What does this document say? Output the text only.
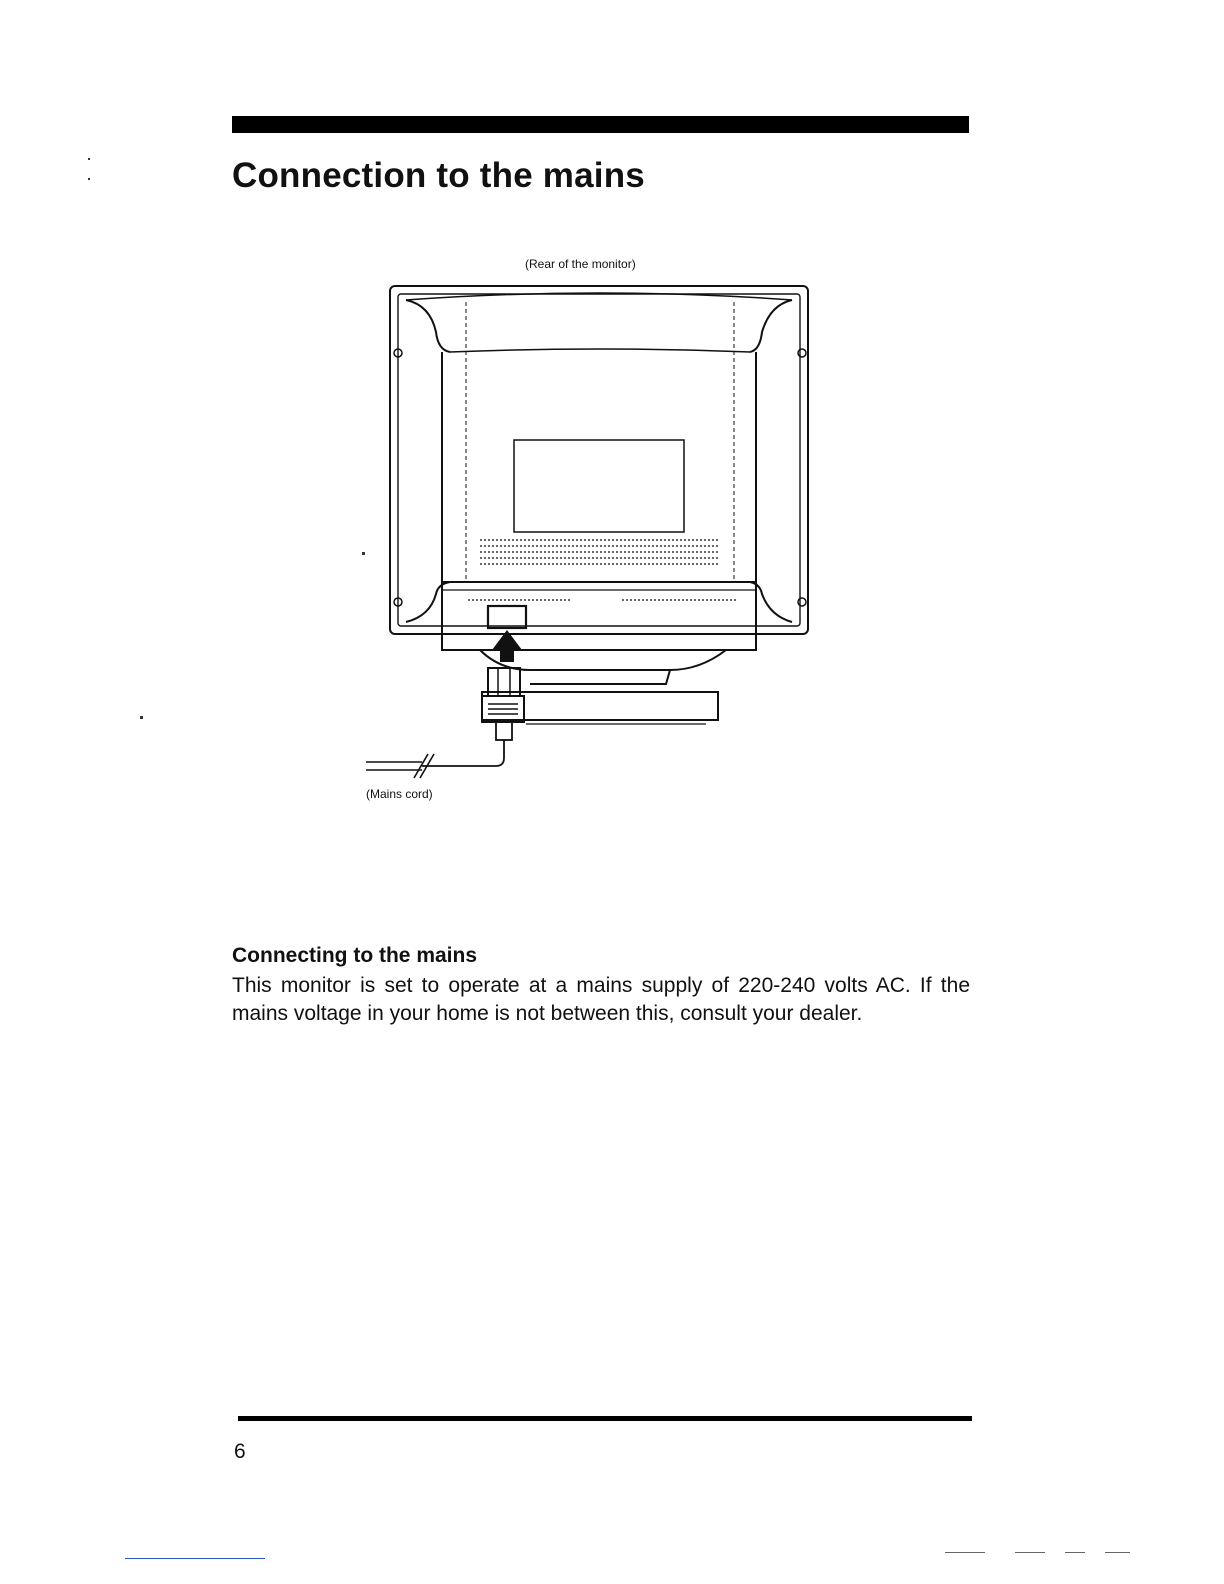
Connection to the mains
(Rear of the monitor)
(Mains cord)
Connecting to the mains

This monitor is set to operate at a mains supply of 220-240 volts AC. If the mains voltage in your home is not between this, consult your dealer.

6
